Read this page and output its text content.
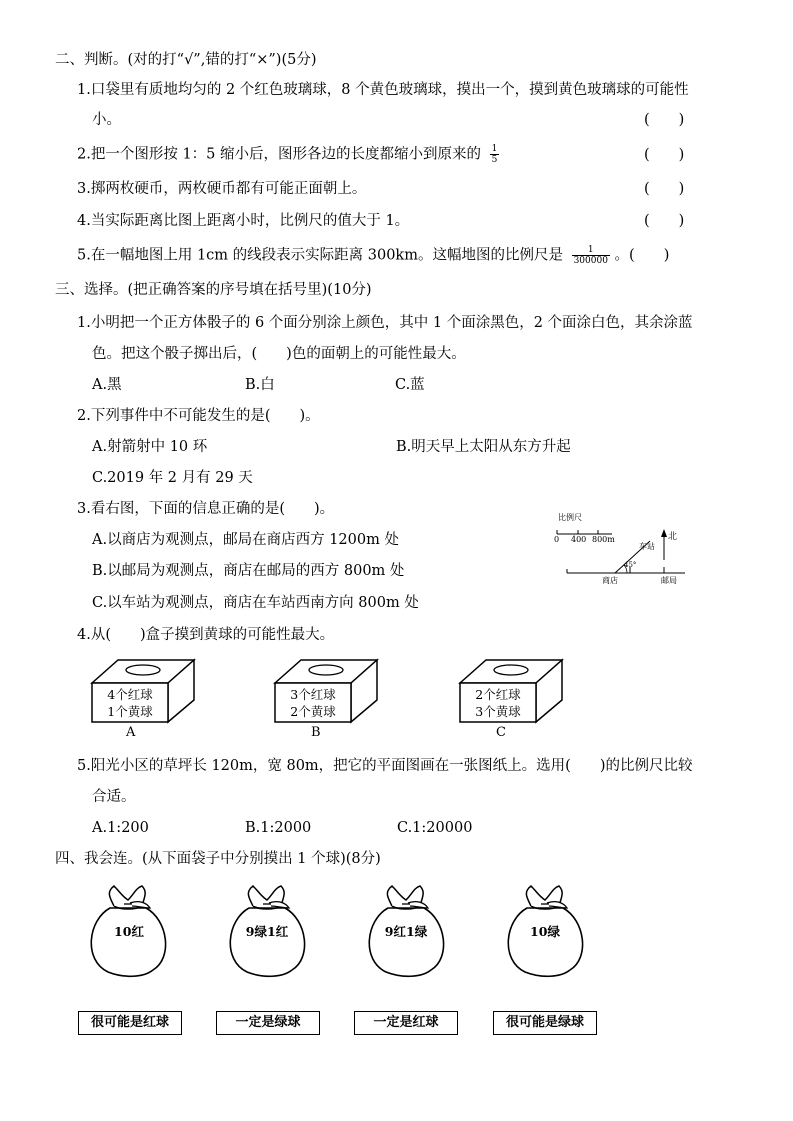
二、判断。(对的打“√”,错的打“×”)(5分)
1.口袋里有质地均匀的 2 个红色玻璃球，8 个黄色玻璃球，摸出一个，摸到黄色玻璃球的可能性
小。	(　　)
2.把一个图形按 1：5 缩小后，图形各边的长度都缩小到原来的 $\frac{1}{5}$	(　　)
3.掷两枚硬币，两枚硬币都有可能正面朝上。	(　　)
4.当实际距离比图上距离小时，比例尺的值大于 1。	(　　)
5.在一幅地图上用 1cm 的线段表示实际距离 300km。这幅地图的比例尺是 $\frac{1}{300000}$ 。(　　)
三、选择。(把正确答案的序号填在括号里)(10分)
1.小明把一个正方体骰子的 6 个面分别涂上颜色，其中 1 个面涂黑色，2 个面涂白色，其余涂蓝
色。把这个骰子掷出后，(　　)色的面朝上的可能性最大。
A.黑	B.白	C.蓝
2.下列事件中不可能发生的是(　　)。
A.射箭射中 10 环	B.明天早上太阳从东方升起
C.2019 年 2 月有 29 天
3.看右图，下面的信息正确的是(　　)。
A.以商店为观测点，邮局在商店西方 1200m 处
B.以邮局为观测点，商店在邮局的西方 800m 处
C.以车站为观测点，商店在车站西南方向 800m 处
比例尺
0 400 800m	北
车站
45°
商店	邮局
4.从(　　)盒子摸到黄球的可能性最大。
4个红球
1个黄球
A
3个红球
2个黄球
B
2个红球
3个黄球
C
5.阳光小区的草坪长 120m，宽 80m，把它的平面图画在一张图纸上。选用(　　)的比例尺比较
合适。
A.1:200	B.1:2000	C.1:20000
四、我会连。(从下面袋子中分别摸出 1 个球)(8分)
10红	9绿1红	9红1绿	10绿
很可能是红球	一定是绿球	一定是红球	很可能是绿球
